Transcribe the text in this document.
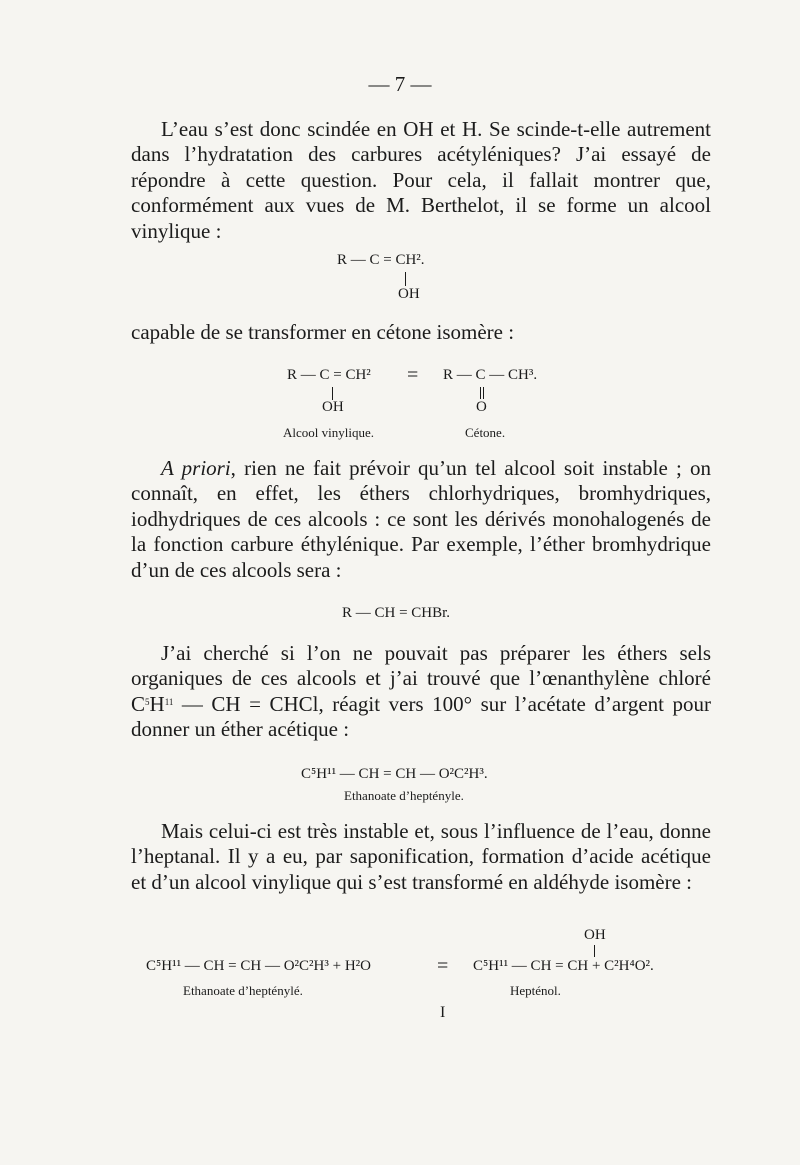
— 7 —

L’eau s’est donc scindée en OH et H. Se scinde-t-elle autrement dans l’hydratation des carbures acétyléniques? J’ai essayé de répondre à cette question. Pour cela, il fallait montrer que, conformément aux vues de M. Berthelot, il se forme un alcool vinylique :

R — C = CH².
OH

capable de se transformer en cétone isomère :

R — C = CH² = R — C — CH³.
OH	O
Alcool vinylique.	Cétone.

A priori, rien ne fait prévoir qu’un tel alcool soit instable ; on connaît, en effet, les éthers chlorhydriques, bromhydriques, iodhydriques de ces alcools : ce sont les dérivés monohalogenés de la fonction carbure éthylénique. Par exemple, l’éther bromhydrique d’un de ces alcools sera :

R — CH = CHBr.

J’ai cherché si l’on ne pouvait pas préparer les éthers sels organiques de ces alcools et j’ai trouvé que l’œnanthylène chloré $C^5H^{11}$ — CH = CHCl, réagit vers 100° sur l’acétate d’argent pour donner un éther acétique :

C⁵H¹¹ — CH = CH — O²C²H³.
Ethanoate d’heptényle.

Mais celui-ci est très instable et, sous l’influence de l’eau, donne l’heptanal. Il y a eu, par saponification, formation d’acide acétique et d’un alcool vinylique qui s’est transformé en aldéhyde isomère :

OH
C⁵H¹¹ — CH = CH — O²C²H³ + H²O	= C⁵H¹¹ — CH = CH + C²H⁴O².
Ethanoate d’hepténylé.	Hepténol.
I
